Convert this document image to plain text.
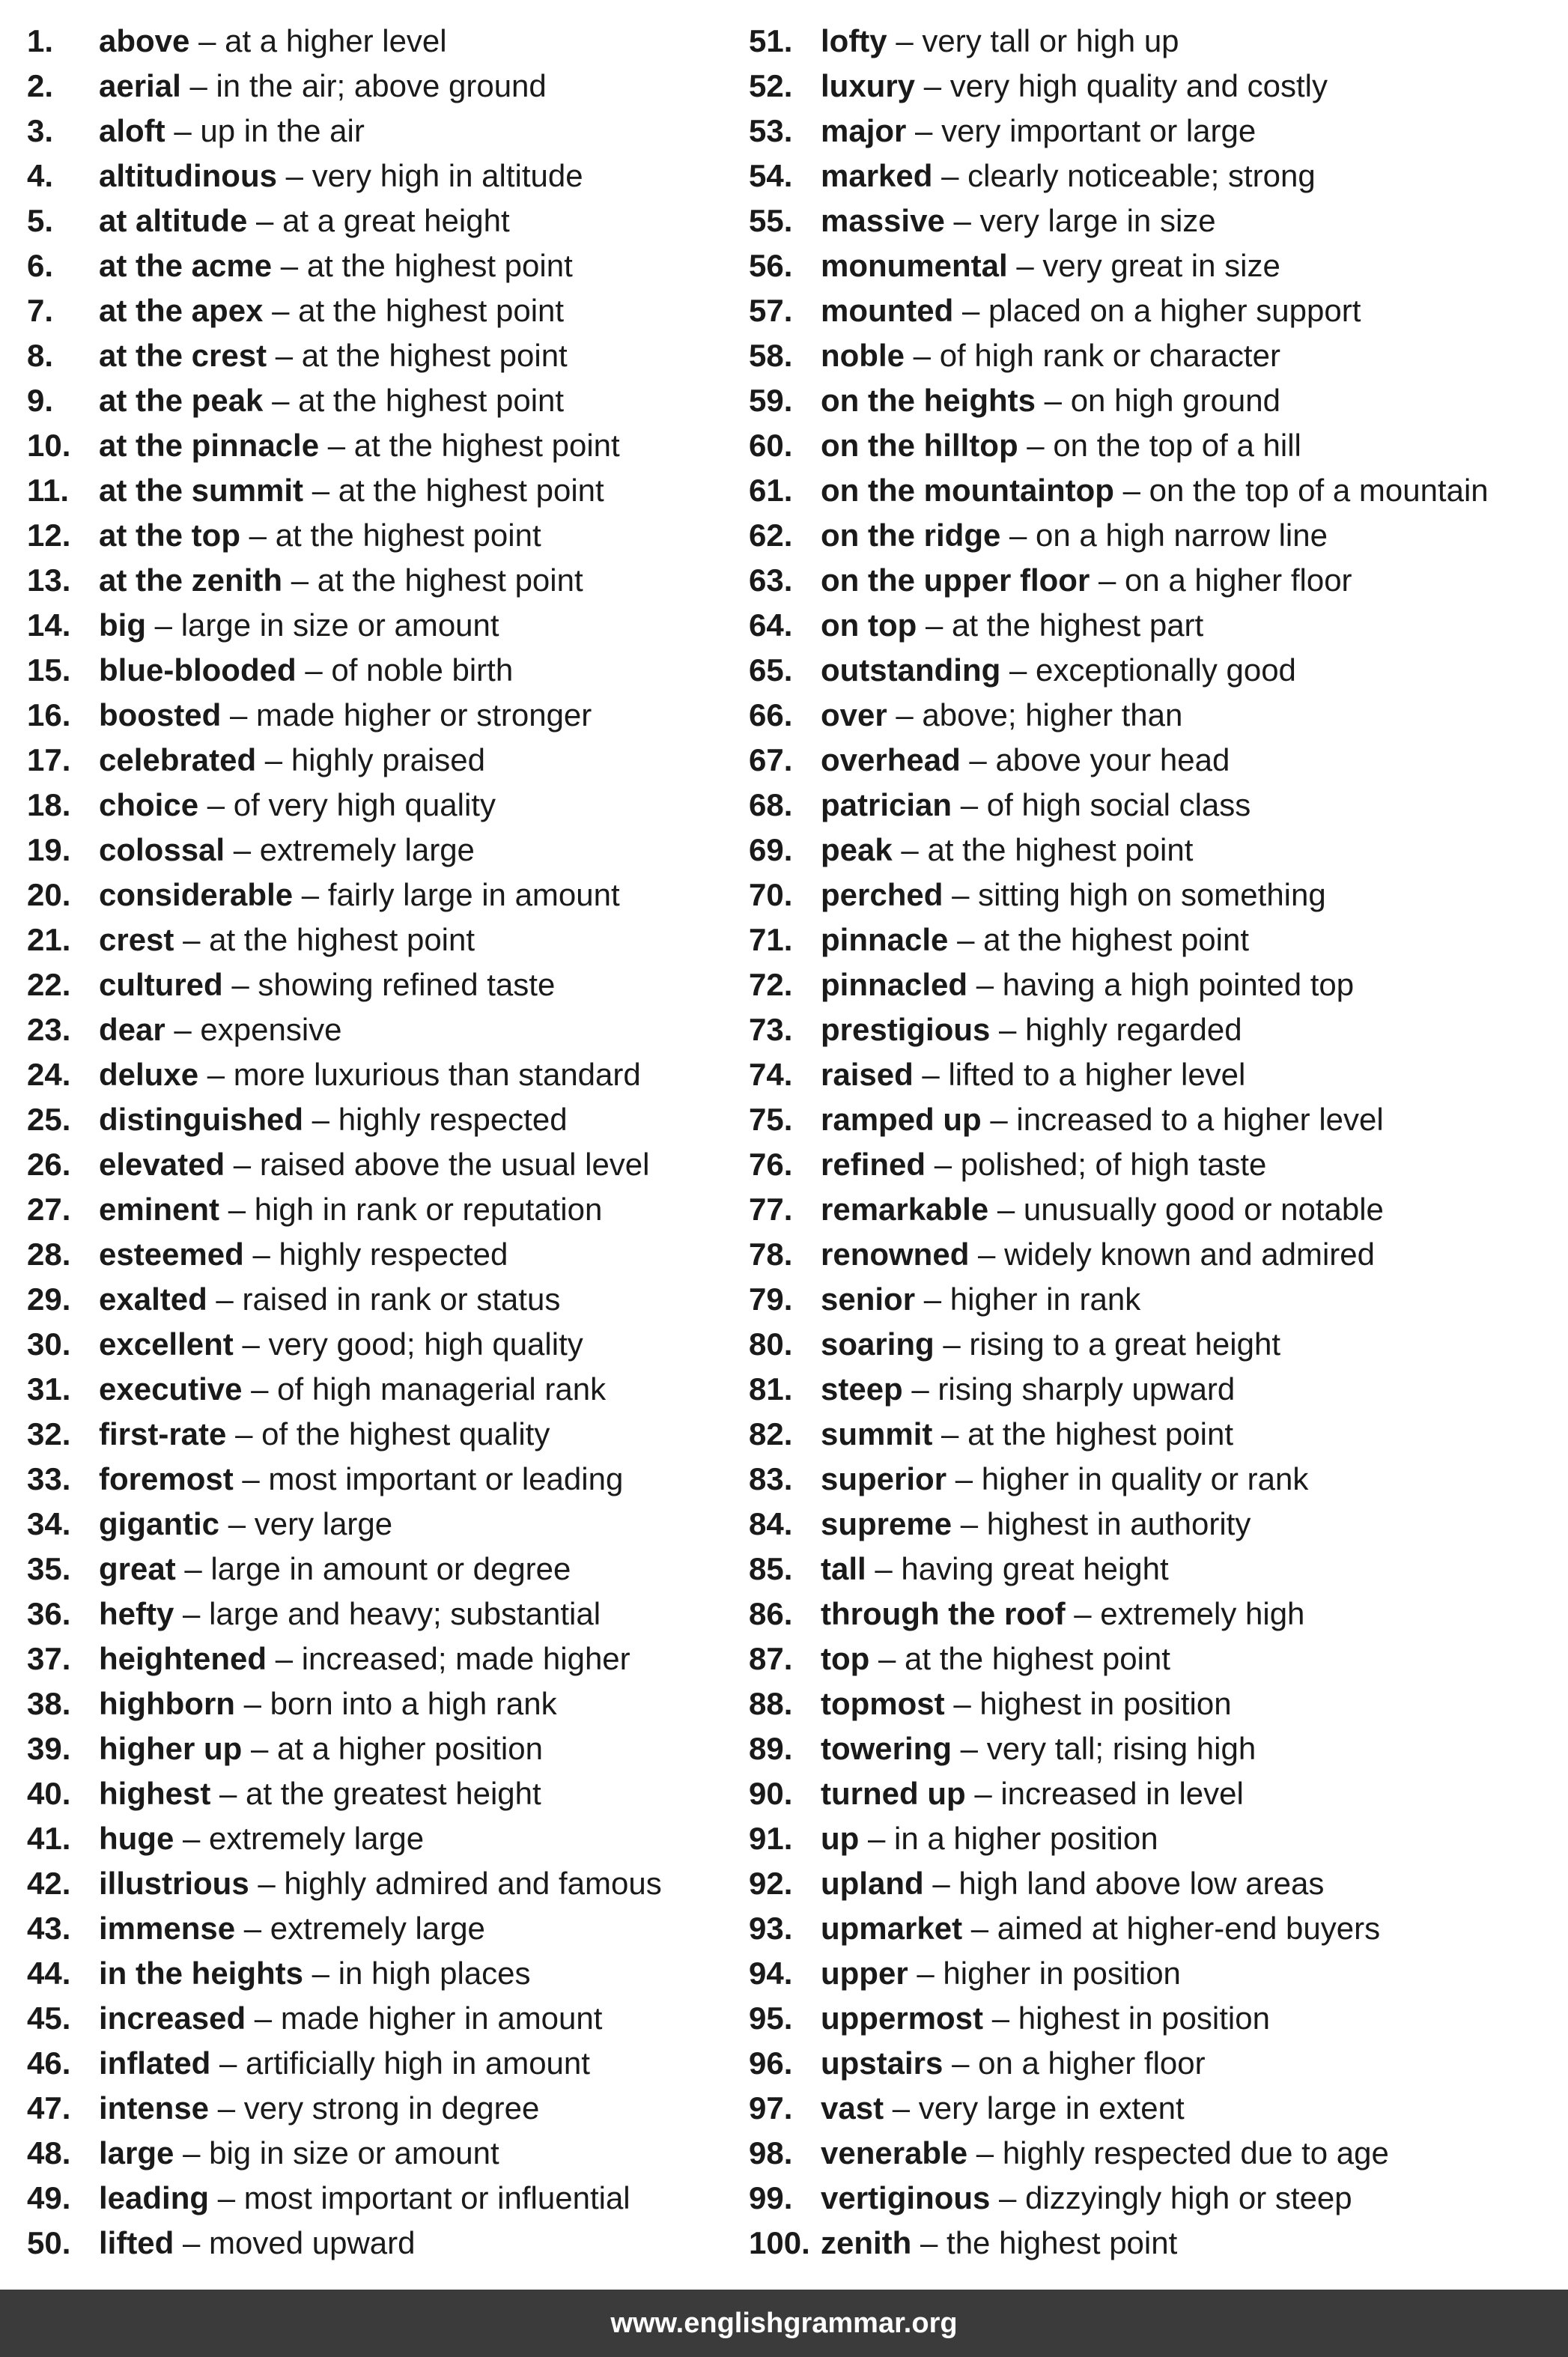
1.	above – at a higher level
2.	aerial – in the air; above ground
3.	aloft – up in the air
4.	altitudinous – very high in altitude
5.	at altitude – at a great height
6.	at the acme – at the highest point
7.	at the apex – at the highest point
8.	at the crest – at the highest point
9.	at the peak – at the highest point
10. at the pinnacle – at the highest point
11. at the summit – at the highest point
12. at the top – at the highest point
13. at the zenith – at the highest point
14. big – large in size or amount
15. blue-blooded – of noble birth
16. boosted – made higher or stronger
17. celebrated – highly praised
18. choice – of very high quality
19. colossal – extremely large
20. considerable – fairly large in amount
21. crest – at the highest point
22. cultured – showing refined taste
23. dear – expensive
24. deluxe – more luxurious than standard
25. distinguished – highly respected
26. elevated – raised above the usual level
27. eminent – high in rank or reputation
28. esteemed – highly respected
29. exalted – raised in rank or status
30. excellent – very good; high quality
31. executive – of high managerial rank
32. first-rate – of the highest quality
33. foremost – most important or leading
34. gigantic – very large
35. great – large in amount or degree
36. hefty – large and heavy; substantial
37. heightened – increased; made higher
38. highborn – born into a high rank
39. higher up – at a higher position
40. highest – at the greatest height
41. huge – extremely large
42. illustrious – highly admired and famous
43. immense – extremely large
44. in the heights – in high places
45. increased – made higher in amount
46. inflated – artificially high in amount
47. intense – very strong in degree
48. large – big in size or amount
49. leading – most important or influential
50. lifted – moved upward
51. lofty – very tall or high up
52. luxury – very high quality and costly
53. major – very important or large
54. marked – clearly noticeable; strong
55. massive – very large in size
56. monumental – very great in size
57. mounted – placed on a higher support
58. noble – of high rank or character
59. on the heights – on high ground
60. on the hilltop – on the top of a hill
61. on the mountaintop – on the top of a mountain
62. on the ridge – on a high narrow line
63. on the upper floor – on a higher floor
64. on top – at the highest part
65. outstanding – exceptionally good
66. over – above; higher than
67. overhead – above your head
68. patrician – of high social class
69. peak – at the highest point
70. perched – sitting high on something
71. pinnacle – at the highest point
72. pinnacled – having a high pointed top
73. prestigious – highly regarded
74. raised – lifted to a higher level
75. ramped up – increased to a higher level
76. refined – polished; of high taste
77. remarkable – unusually good or notable
78. renowned – widely known and admired
79. senior – higher in rank
80. soaring – rising to a great height
81. steep – rising sharply upward
82. summit – at the highest point
83. superior – higher in quality or rank
84. supreme – highest in authority
85. tall – having great height
86. through the roof – extremely high
87. top – at the highest point
88. topmost – highest in position
89. towering – very tall; rising high
90. turned up – increased in level
91. up – in a higher position
92. upland – high land above low areas
93. upmarket – aimed at higher-end buyers
94. upper – higher in position
95. uppermost – highest in position
96. upstairs – on a higher floor
97. vast – very large in extent
98. venerable – highly respected due to age
99. vertiginous – dizzyingly high or steep
100. zenith – the highest point
www.englishgrammar.org
